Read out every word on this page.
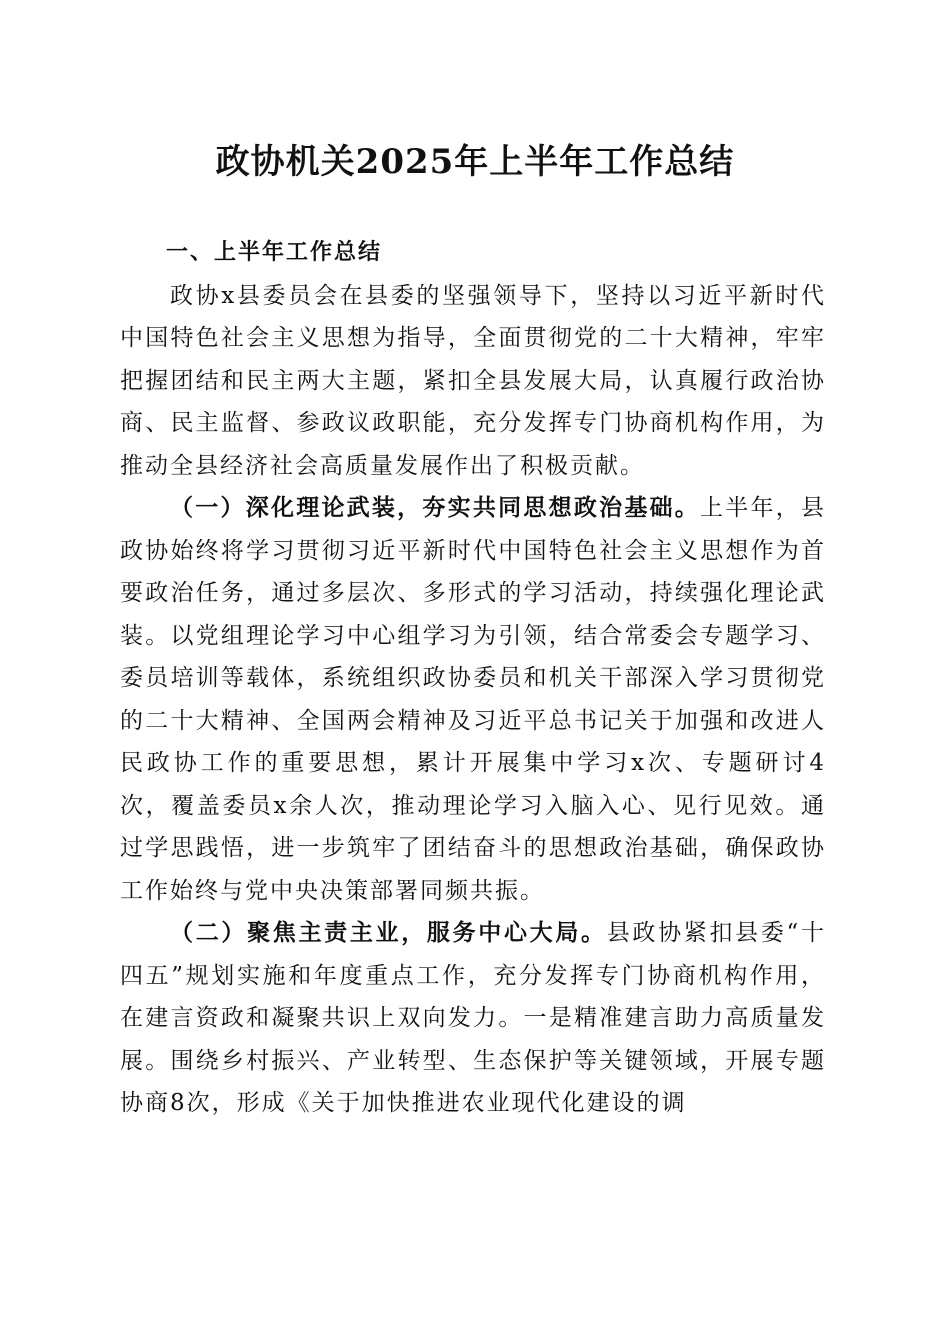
政协机关2025年上半年工作总结

一、上半年工作总结

政协x县委员会在县委的坚强领导下，坚持以习近平新时代中国特色社会主义思想为指导，全面贯彻党的二十大精神，牢牢把握团结和民主两大主题，紧扣全县发展大局，认真履行政治协商、民主监督、参政议政职能，充分发挥专门协商机构作用，为推动全县经济社会高质量发展作出了积极贡献。

（一）深化理论武装，夯实共同思想政治基础。上半年，县政协始终将学习贯彻习近平新时代中国特色社会主义思想作为首要政治任务，通过多层次、多形式的学习活动，持续强化理论武装。以党组理论学习中心组学习为引领，结合常委会专题学习、委员培训等载体，系统组织政协委员和机关干部深入学习贯彻党的二十大精神、全国两会精神及习近平总书记关于加强和改进人民政协工作的重要思想，累计开展集中学习x次、专题研讨4次，覆盖委员x余人次，推动理论学习入脑入心、见行见效。通过学思践悟，进一步筑牢了团结奋斗的思想政治基础，确保政协工作始终与党中央决策部署同频共振。

（二）聚焦主责主业，服务中心大局。县政协紧扣县委“十四五”规划实施和年度重点工作，充分发挥专门协商机构作用，在建言资政和凝聚共识上双向发力。一是精准建言助力高质量发展。围绕乡村振兴、产业转型、生态保护等关键领域，开展专题协商8次，形成《关于加快推进农业现代化建设的调
